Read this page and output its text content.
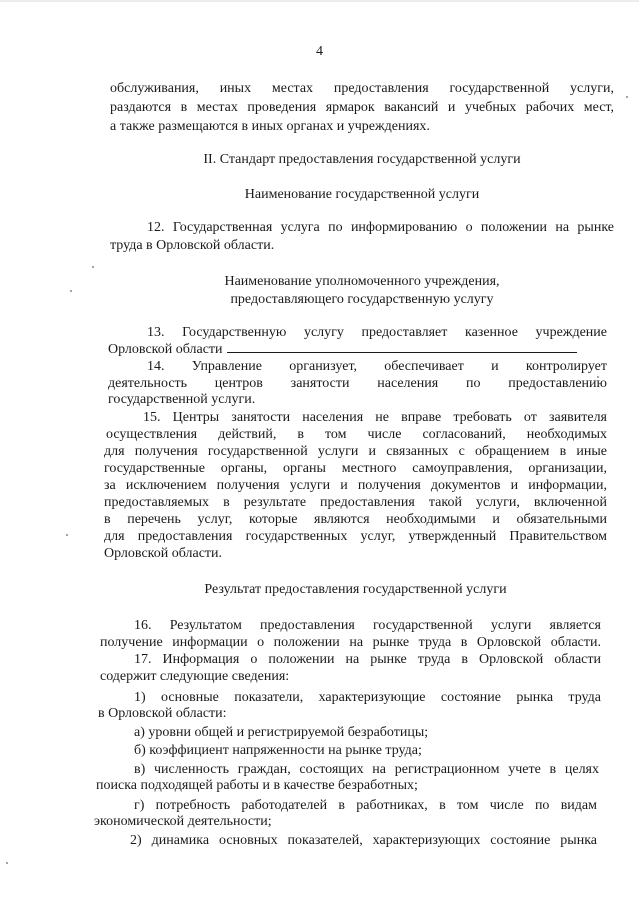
4
обслуживания, иных местах предоставления государственной услуги,
раздаются в местах проведения ярмарок вакансий и учебных рабочих мест,
а также размещаются в иных органах и учреждениях.
II. Стандарт предоставления государственной услуги
Наименование государственной услуги
12. Государственная услуга по информированию о положении на рынке
труда в Орловской области.
Наименование уполномоченного учреждения,
предоставляющего государственную услугу
13. Государственную услугу предоставляет казенное учреждение
Орловской области
14. Управление организует, обеспечивает и контролирует
деятельность центров занятости населения по предоставлению
государственной услуги.
15. Центры занятости населения не вправе требовать от заявителя
осуществления действий, в том числе согласований, необходимых
для получения государственной услуги и связанных с обращением в иные
государственные органы, органы местного самоуправления, организации,
за исключением получения услуги и получения документов и информации,
предоставляемых в результате предоставления такой услуги, включенной
в перечень услуг, которые являются необходимыми и обязательными
для предоставления государственных услуг, утвержденный Правительством
Орловской области.
Результат предоставления государственной услуги
16. Результатом предоставления государственной услуги является
получение информации о положении на рынке труда в Орловской области.
17. Информация о положении на рынке труда в Орловской области
содержит следующие сведения:
1) основные показатели, характеризующие состояние рынка труда
в Орловской области:
а) уровни общей и регистрируемой безработицы;
б) коэффициент напряженности на рынке труда;
в) численность граждан, состоящих на регистрационном учете в целях
поиска подходящей работы и в качестве безработных;
г) потребность работодателей в работниках, в том числе по видам
экономической деятельности;
2) динамика основных показателей, характеризующих состояние рынка
